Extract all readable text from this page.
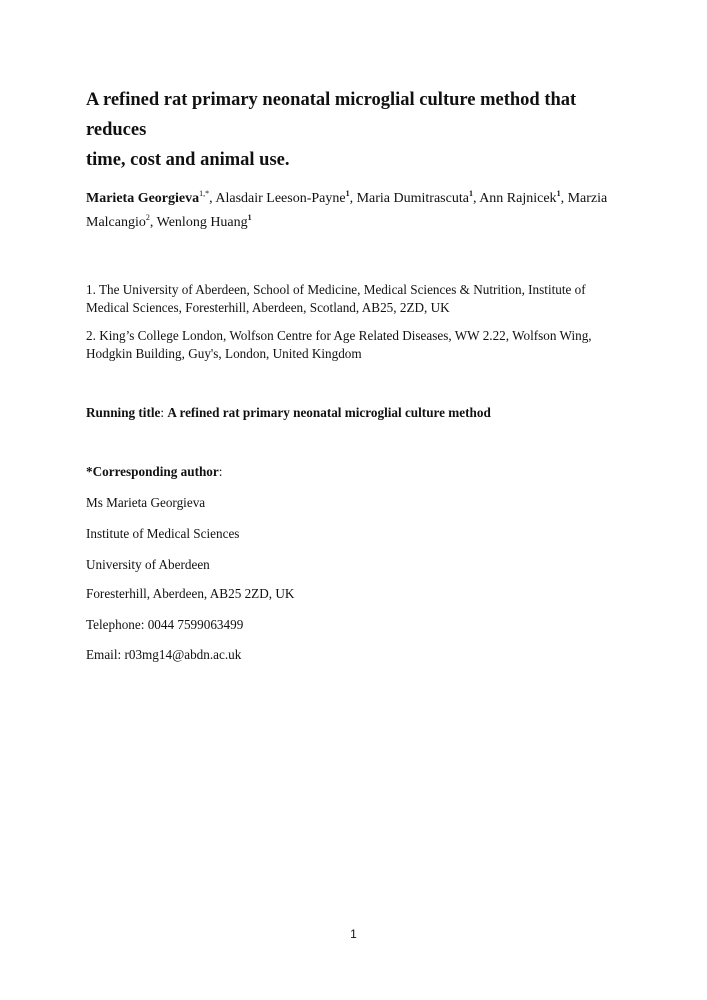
A refined rat primary neonatal microglial culture method that reduces
time, cost and animal use.
Marieta Georgieva$^{1,*}$, Alasdair Leeson-Payne$^1$, Maria Dumitrascuta$^1$, Ann Rajnicek$^1$, Marzia Malcangio$^2$, Wenlong Huang$^1$
1. The University of Aberdeen, School of Medicine, Medical Sciences & Nutrition, Institute of
Medical Sciences, Foresterhill, Aberdeen, Scotland, AB25, 2ZD, UK
2. King’s College London, Wolfson Centre for Age Related Diseases, WW 2.22, Wolfson Wing,
Hodgkin Building, Guy's, London, United Kingdom
Running title: A refined rat primary neonatal microglial culture method
*Corresponding author:
Ms Marieta Georgieva
Institute of Medical Sciences
University of Aberdeen
Foresterhill, Aberdeen, AB25 2ZD, UK
Telephone: 0044 7599063499
Email: r03mg14@abdn.ac.uk
1
